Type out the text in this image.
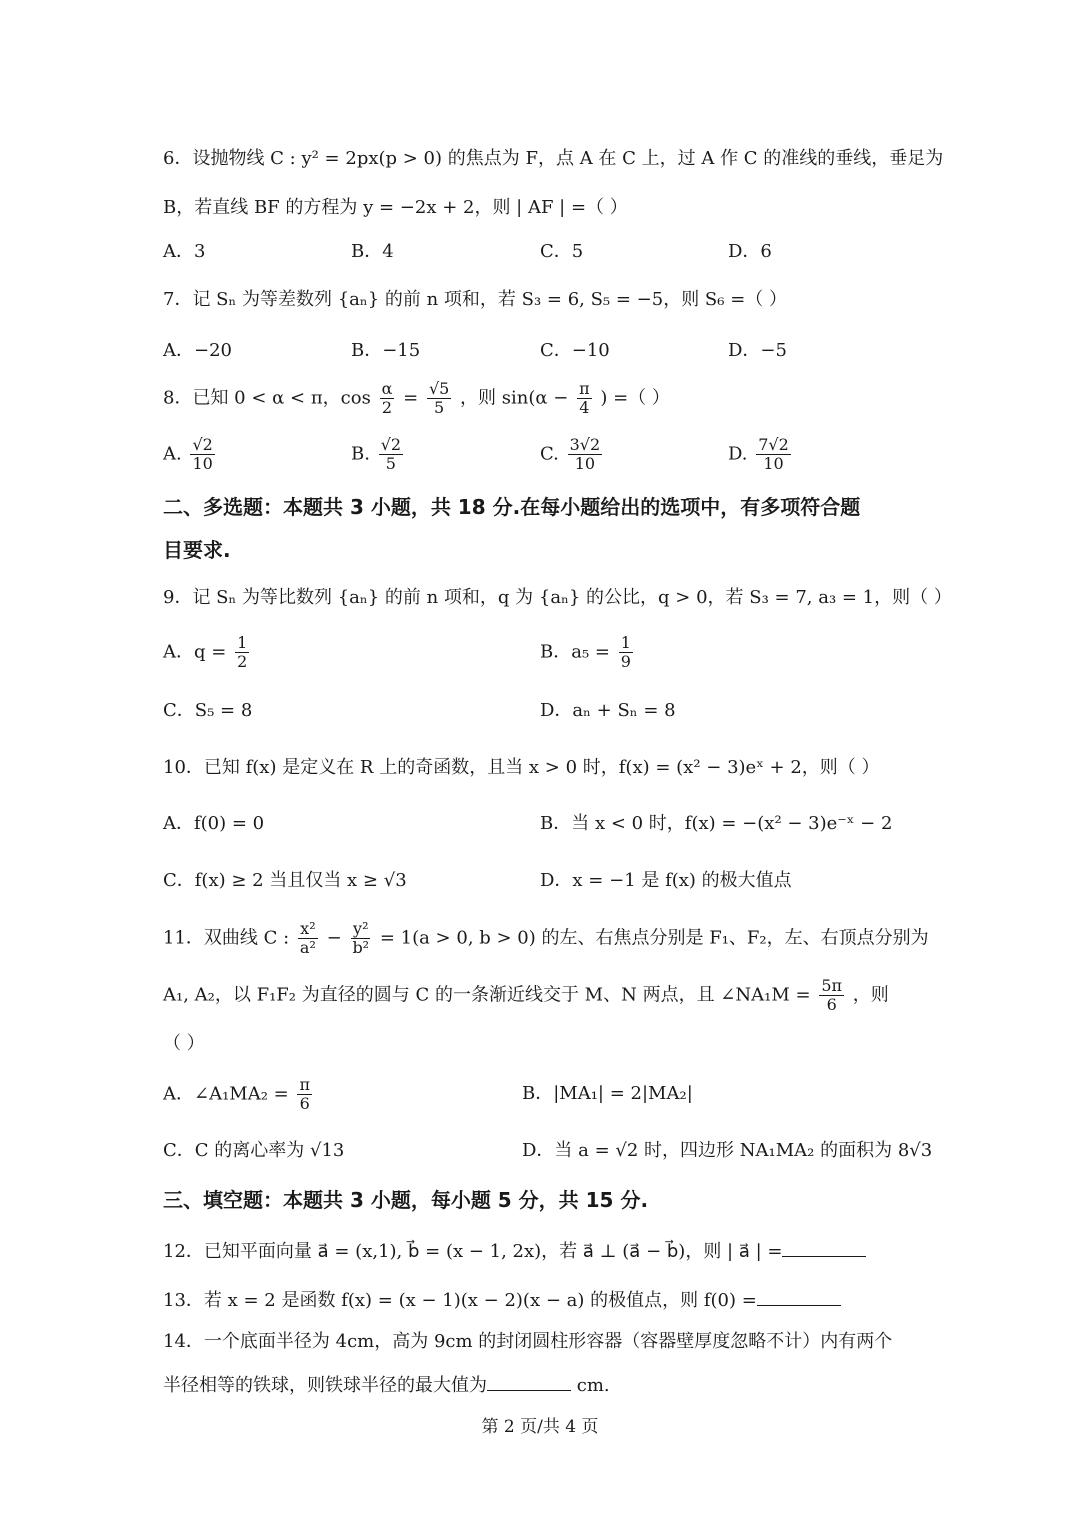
6．设抛物线 C : y² = 2px(p > 0) 的焦点为 F，点 A 在 C 上，过 A 作 C 的准线的垂线，垂足为
B，若直线 BF 的方程为 y = −2x + 2，则 | AF | =（ ）
A．3	B．4	C．5	D．6
7．记 Sₙ 为等差数列 {aₙ} 的前 n 项和，若 S₃ = 6, S₅ = −5，则 S₆ =（ ）
A．−20	B．−15	C．−10	D．−5
8．已知 0 < α < π，$\cos \frac{\alpha}{2} = \frac{√5}{5}$ ，则 $\sin(\alpha - \frac{\pi}{4}$ ) =（ ）
A. $\frac{√2}{10}$	B. $\frac{√2}{5}$	C. $\frac{3√2}{10}$	D. $\frac{7√2}{10}$
二、多选题：本题共 3 小题，共 18 分.在每小题给出的选项中，有多项符合题
目要求.
9．记 Sₙ 为等比数列 {aₙ} 的前 n 项和，q 为 {aₙ} 的公比，q > 0，若 S₃ = 7, a₃ = 1，则（ ）
A．$q = \frac{1}{2}$	B．$a_5 = \frac{1}{9}$
C．S₅ = 8	D．aₙ + Sₙ = 8
10．已知 f(x) 是定义在 R 上的奇函数，且当 x > 0 时，f(x) = (x² − 3)eˣ + 2，则（ ）
A．f(0) = 0	B．当 x < 0 时，f(x) = −(x² − 3)e⁻ˣ − 2
C．f(x) ≥ 2 当且仅当 x ≥ √3	D．x = −1 是 f(x) 的极大值点
11．双曲线 C : $\frac{\text{x²}}{\text{a²}} - \frac{\text{y²}}{\text{b²}} = 1(a > 0$, b > 0) 的左、右焦点分别是 F₁、F₂，左、右顶点分别为
A₁, A₂，以 F₁F₂ 为直径的圆与 C 的一条渐近线交于 M、N 两点，且 ∠NA₁M = $\frac{5\pi}{6}$ ，则
（ ）
A．∠A₁MA₂ = $\frac{\pi}{6}$	B．|MA₁| = 2|MA₂|
C．C 的离心率为 √13	D．当 a = √2 时，四边形 NA₁MA₂ 的面积为 8√3
三、填空题：本题共 3 小题，每小题 5 分，共 15 分.
12．已知平面向量 a⃗ = (x,1), b⃗ = (x − 1, 2x)，若 a⃗ ⊥ (a⃗ − b⃗)，则 | a⃗ | =
13．若 x = 2 是函数 f(x) = (x − 1)(x − 2)(x − a) 的极值点，则 f(0) =
14．一个底面半径为 4cm，高为 9cm 的封闭圆柱形容器（容器壁厚度忽略不计）内有两个
半径相等的铁球，则铁球半径的最大值为	cm.
第 2 页/共 4 页
